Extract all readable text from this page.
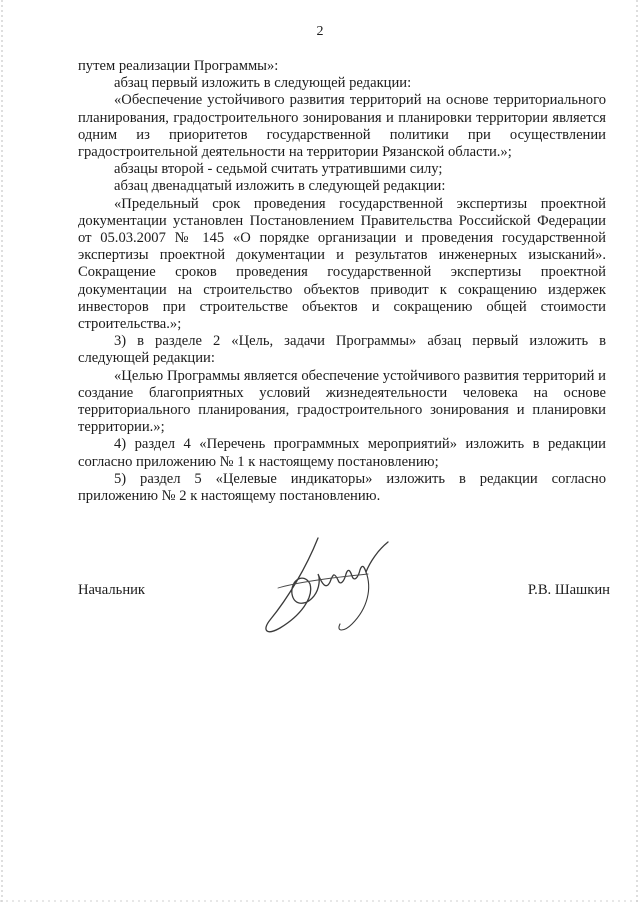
2

путем реализации Программы»:

абзац первый изложить в следующей редакции:

«Обеспечение устойчивого развития территорий на основе территориального планирования, градостроительного зонирования и планировки территории является одним из приоритетов государственной политики при осуществлении градостроительной деятельности на территории Рязанской области.»;

абзацы второй - седьмой считать утратившими силу;

абзац двенадцатый изложить в следующей редакции:

«Предельный срок проведения государственной экспертизы проектной документации установлен Постановлением Правительства Российской Федерации от 05.03.2007 № 145 «О порядке организации и проведения государственной экспертизы проектной документации и результатов инженерных изысканий». Сокращение сроков проведения государственной экспертизы проектной документации на строительство объектов приводит к сокращению издержек инвесторов при строительстве объектов и сокращению общей стоимости строительства.»;

3) в разделе 2 «Цель, задачи Программы» абзац первый изложить в следующей редакции:

«Целью Программы является обеспечение устойчивого развития территорий и создание благоприятных условий жизнедеятельности человека на основе территориального планирования, градостроительного зонирования и планировки территории.»;

4) раздел 4 «Перечень программных мероприятий» изложить в редакции согласно приложению № 1 к настоящему постановлению;

5) раздел 5 «Целевые индикаторы» изложить в редакции согласно приложению № 2 к настоящему постановлению.

Начальник	Р.В. Шашкин
